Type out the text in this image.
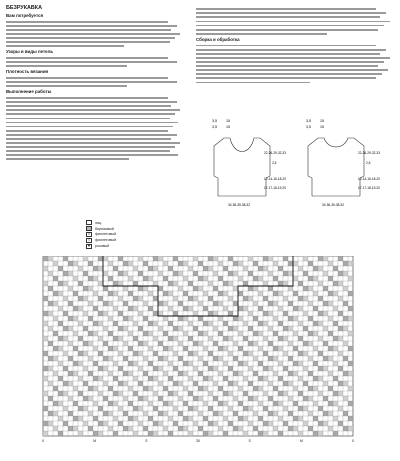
БЕЗРУКАВКА
Вам потребуется
Узоры и виды петель
Плотность вязания
Выполнение работы
Сборка и обработка
3,5	15
3,5	15
22-26-29-32-33
2,5
12-14-16-18-20
17-17-18-19-20
34-36-39-38-32
3,5	15
3,5	15
22-26-29-32-33
2,5
12-14-16-18-20
17-17-18-19-20
34-36-39-38-32
лиц.
бирюзовый
×	фиолетовый
•	фиолетовый
▼ розовый
0	M	S	30	S	M	0
